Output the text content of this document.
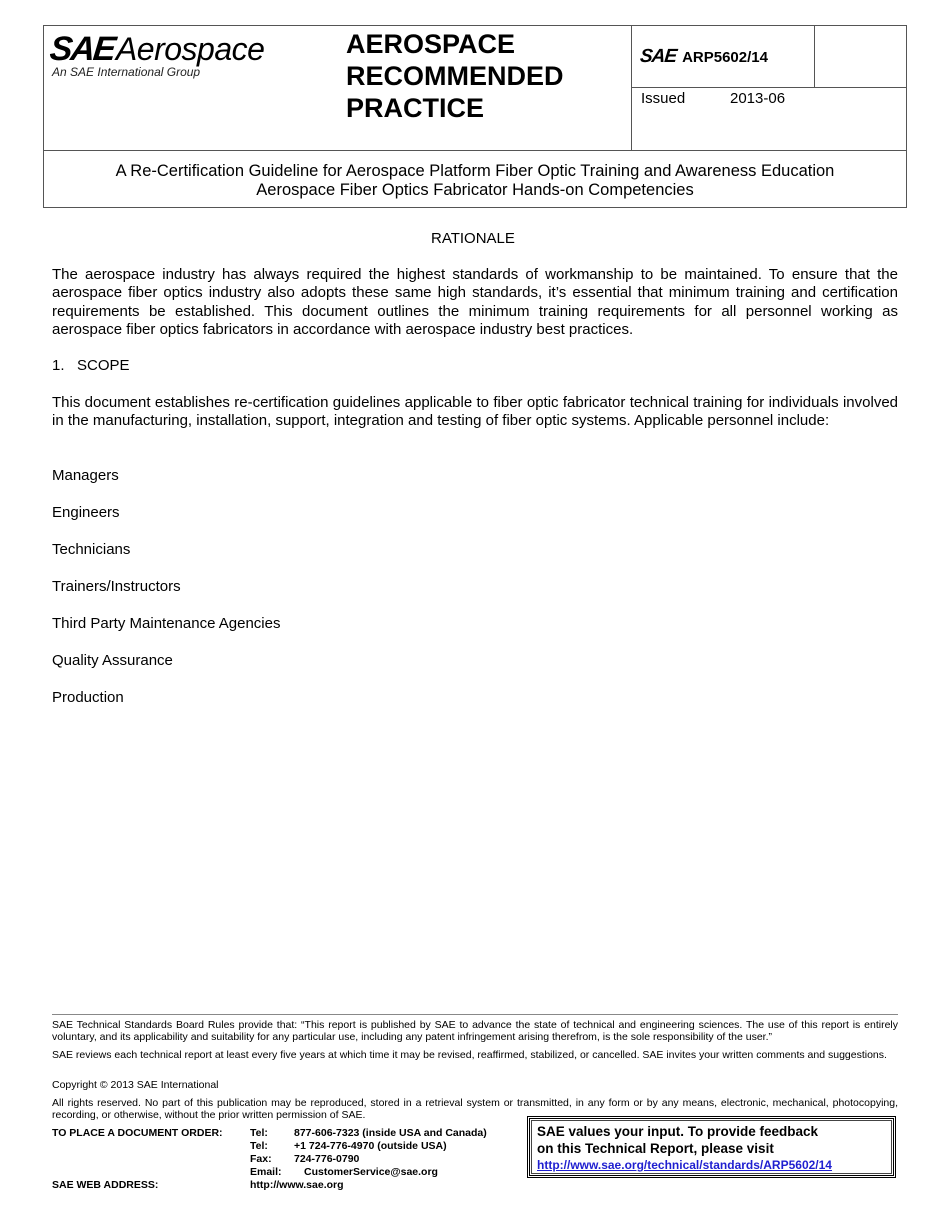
SAE Aerospace
An SAE International Group
AEROSPACE
RECOMMENDED
PRACTICE
SAE ARP5602/14
Issued	2013-06
A Re-Certification Guideline for Aerospace Platform Fiber Optic Training and Awareness Education
Aerospace Fiber Optics Fabricator Hands-on Competencies
RATIONALE
The aerospace industry has always required the highest standards of workmanship to be maintained. To ensure that the aerospace fiber optics industry also adopts these same high standards, it’s essential that minimum training and certification requirements be established. This document outlines the minimum training requirements for all personnel working as aerospace fiber optics fabricators in accordance with aerospace industry best practices.
1.   SCOPE
This document establishes re-certification guidelines applicable to fiber optic fabricator technical training for individuals involved in the manufacturing, installation, support, integration and testing of fiber optic systems. Applicable personnel include:
Managers
Engineers
Technicians
Trainers/Instructors
Third Party Maintenance Agencies
Quality Assurance
Production
SAE Technical Standards Board Rules provide that: “This report is published by SAE to advance the state of technical and engineering sciences. The use of this report is entirely voluntary, and its applicability and suitability for any particular use, including any patent infringement arising therefrom, is the sole responsibility of the user.”
SAE reviews each technical report at least every five years at which time it may be revised, reaffirmed, stabilized, or cancelled. SAE invites your written comments and suggestions.
Copyright © 2013 SAE International
All rights reserved. No part of this publication may be reproduced, stored in a retrieval system or transmitted, in any form or by any means, electronic, mechanical, photocopying, recording, or otherwise, without the prior written permission of SAE.
TO PLACE A DOCUMENT ORDER:
SAE WEB ADDRESS:
Tel: 877-606-7323 (inside USA and Canada)
Tel: +1 724-776-4970 (outside USA)
Fax: 724-776-0790
Email: CustomerService@sae.org
http://www.sae.org
SAE values your input. To provide feedback
on this Technical Report, please visit
http://www.sae.org/technical/standards/ARP5602/14
